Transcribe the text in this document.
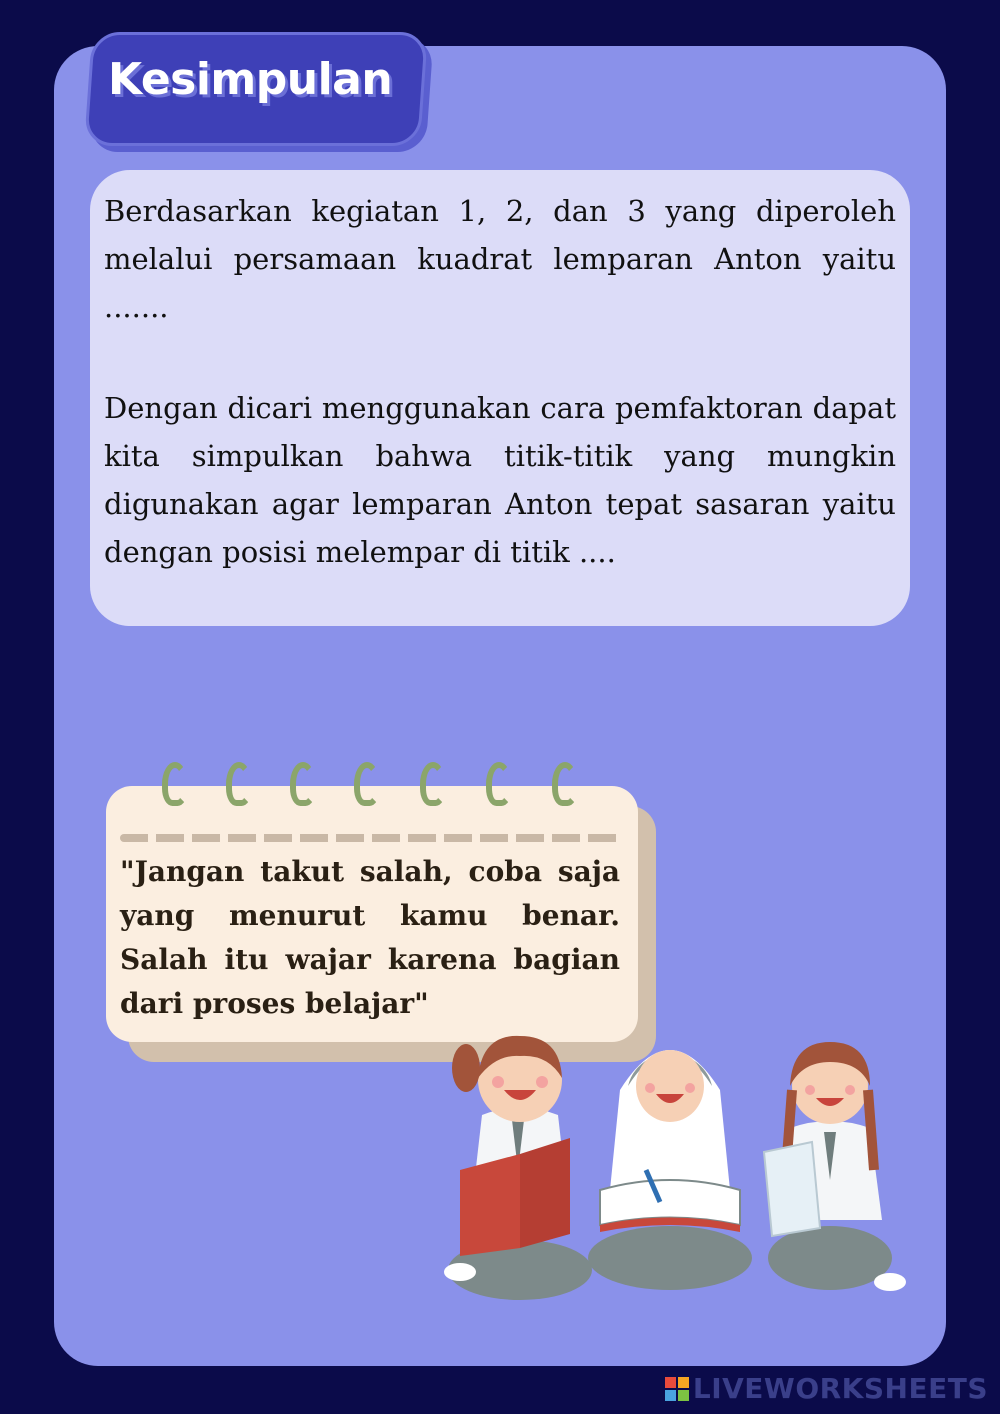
Kesimpulan

Berdasarkan kegiatan 1, 2, dan 3 yang diperoleh melalui persamaan kuadrat lemparan Anton yaitu .......

Dengan dicari menggunakan cara pemfaktoran dapat kita simpulkan bahwa titik-titik yang mungkin digunakan agar lemparan Anton tepat sasaran yaitu dengan posisi melempar di titik ....

"Jangan takut salah, coba saja yang menurut kamu benar. Salah itu wajar karena bagian dari proses belajar"

LIVEWORKSHEETS
